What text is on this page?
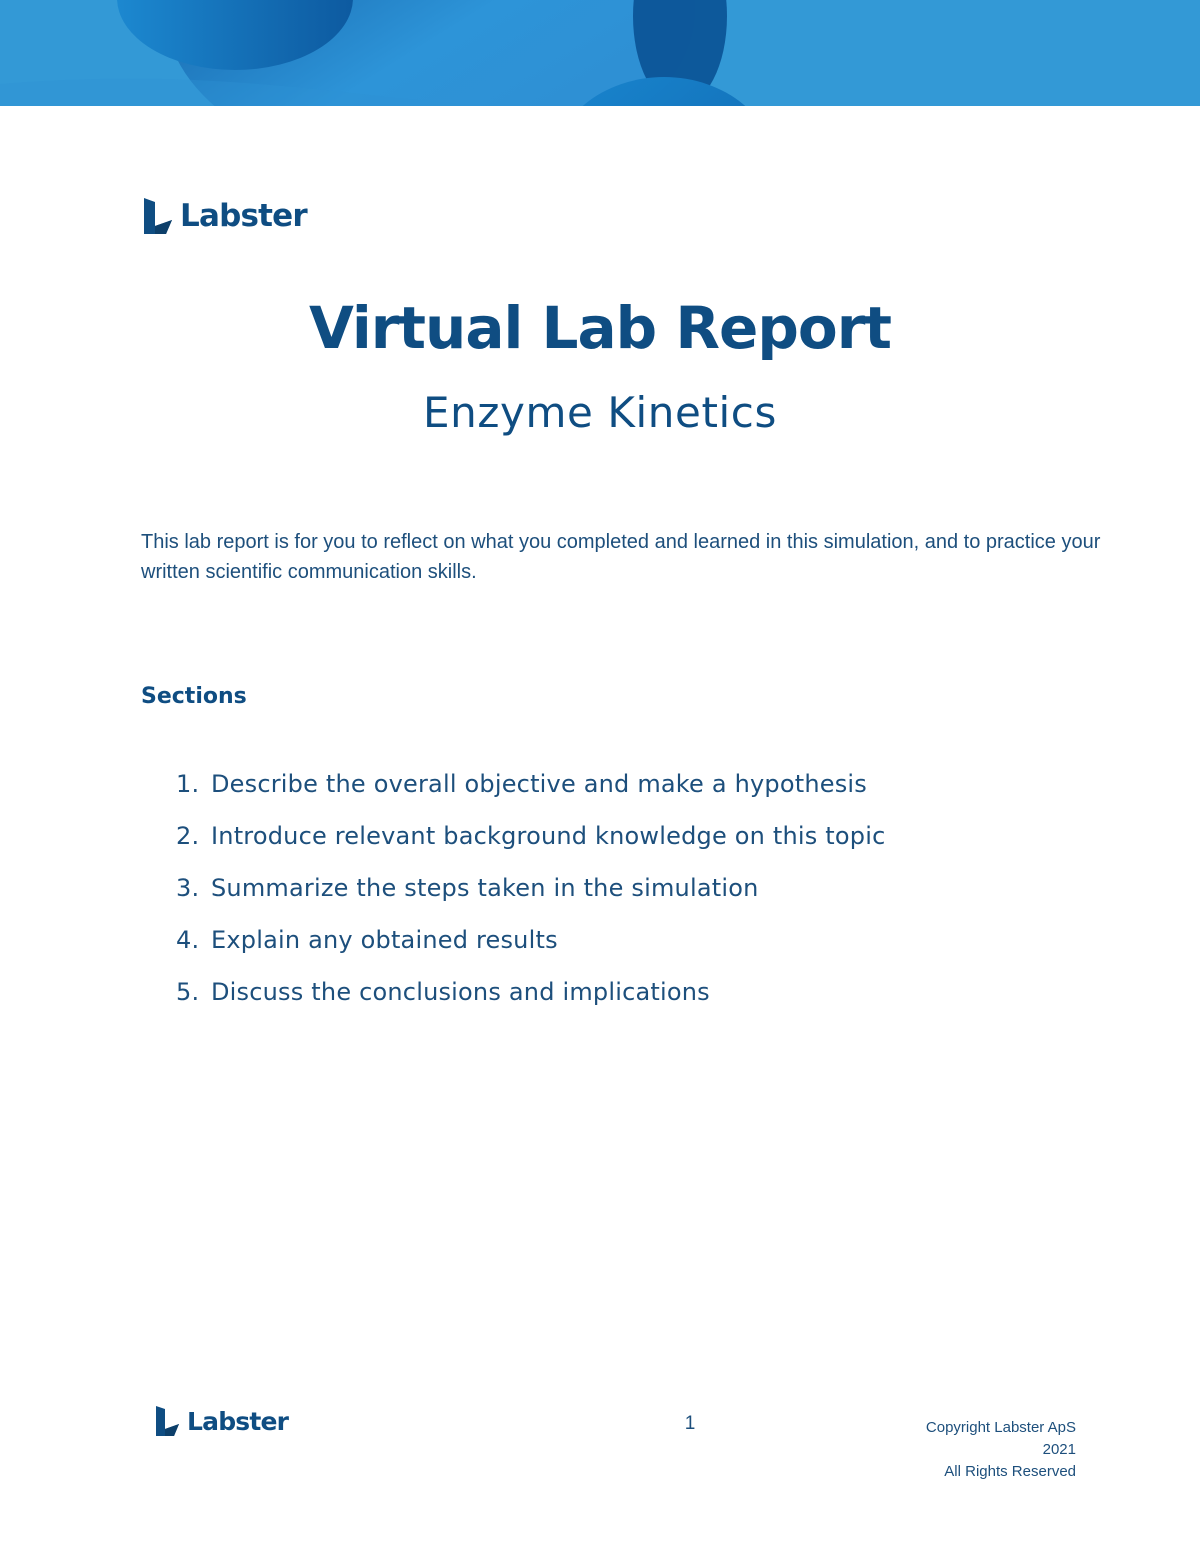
Labster
Virtual Lab Report
Enzyme Kinetics

This lab report is for you to reflect on what you completed and learned in this simulation, and to practice your written scientific communication skills.

Sections
1. Describe the overall objective and make a hypothesis
2. Introduce relevant background knowledge on this topic
3. Summarize the steps taken in the simulation
4. Explain any obtained results
5. Discuss the conclusions and implications
Labster	1	Copyright Labster ApS
2021
All Rights Reserved
